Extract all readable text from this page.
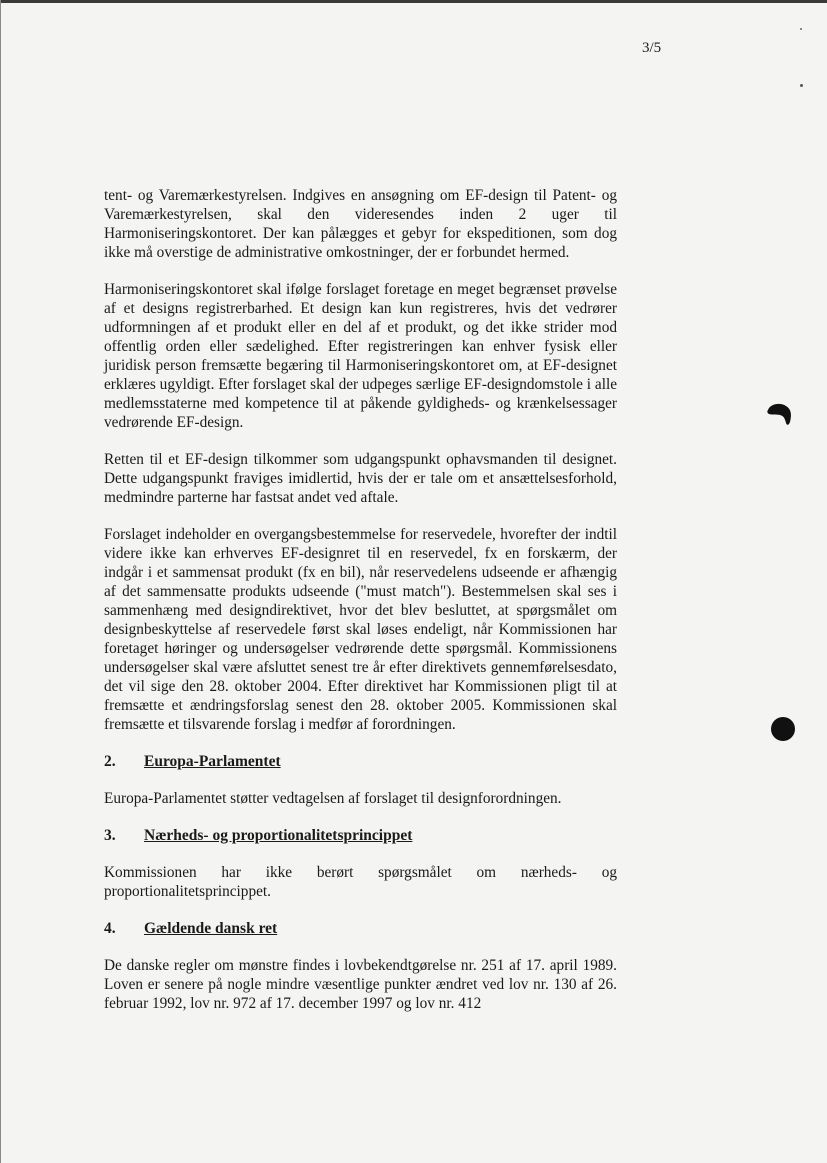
3/5

tent- og Varemærkestyrelsen. Indgives en ansøgning om EF-design til Patent- og Varemærkestyrelsen, skal den videresendes inden 2 uger til Harmoniseringskontoret. Der kan pålægges et gebyr for ekspeditionen, som dog ikke må overstige de administrative omkostninger, der er forbundet hermed.

Harmoniseringskontoret skal ifølge forslaget foretage en meget begrænset prøvelse af et designs registrerbarhed. Et design kan kun registreres, hvis det vedrører udformningen af et produkt eller en del af et produkt, og det ikke strider mod offentlig orden eller sædelighed. Efter registreringen kan enhver fysisk eller juridisk person fremsætte begæring til Harmoniseringskontoret om, at EF-designet erklæres ugyldigt. Efter forslaget skal der udpeges særlige EF-designdomstole i alle medlemsstaterne med kompetence til at påkende gyldigheds- og krænkelsessager vedrørende EF-design.

Retten til et EF-design tilkommer som udgangspunkt ophavsmanden til designet. Dette udgangspunkt fraviges imidlertid, hvis der er tale om et ansættelsesforhold, medmindre parterne har fastsat andet ved aftale.

Forslaget indeholder en overgangsbestemmelse for reservedele, hvorefter der indtil videre ikke kan erhverves EF-designret til en reservedel, fx en forskærm, der indgår i et sammensat produkt (fx en bil), når reservedelens udseende er afhængig af det sammensatte produkts udseende ("must match"). Bestemmelsen skal ses i sammenhæng med designdirektivet, hvor det blev besluttet, at spørgsmålet om designbeskyttelse af reservedele først skal løses endeligt, når Kommissionen har foretaget høringer og undersøgelser vedrørende dette spørgsmål. Kommissionens undersøgelser skal være afsluttet senest tre år efter direktivets gennemførelsesdato, det vil sige den 28. oktober 2004. Efter direktivet har Kommissionen pligt til at fremsætte et ændringsforslag senest den 28. oktober 2005. Kommissionen skal fremsætte et tilsvarende forslag i medfør af forordningen.

2.	Europa-Parlamentet

Europa-Parlamentet støtter vedtagelsen af forslaget til designforordningen.

3.	Nærheds- og proportionalitetsprincippet

Kommissionen har ikke berørt spørgsmålet om nærheds- og proportionalitetsprincippet.

4.	Gældende dansk ret

De danske regler om mønstre findes i lovbekendtgørelse nr. 251 af 17. april 1989. Loven er senere på nogle mindre væsentlige punkter ændret ved lov nr. 130 af 26. februar 1992, lov nr. 972 af 17. december 1997 og lov nr. 412
